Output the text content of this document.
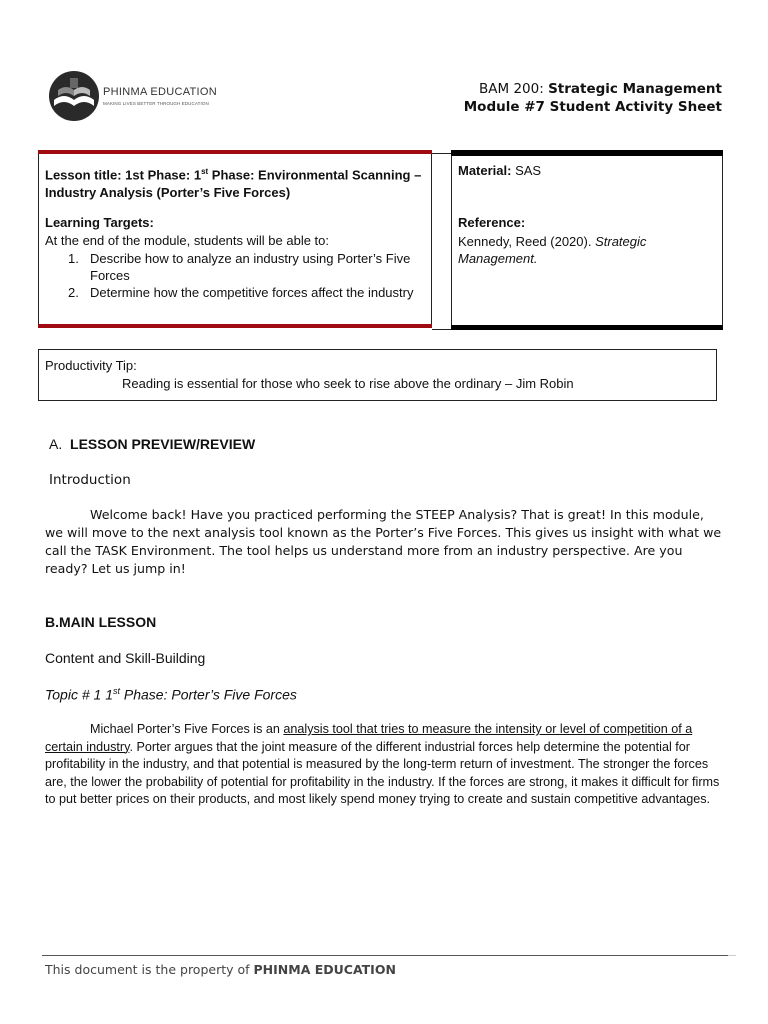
PHINMA EDUCATION
MAKING LIVES BETTER THROUGH EDUCATION
BAM 200: Strategic Management
Module #7 Student Activity Sheet
Lesson title: 1st Phase: 1st Phase: Environmental Scanning – Industry Analysis (Porter’s Five Forces)
Learning Targets:
At the end of the module, students will be able to:
1. Describe how to analyze an industry using Porter’s Five Forces
2. Determine how the competitive forces affect the industry
Material: SAS
Reference:
Kennedy, Reed (2020). Strategic Management.
Productivity Tip:
Reading is essential for those who seek to rise above the ordinary – Jim Robin
A. LESSON PREVIEW/REVIEW
Introduction
Welcome back! Have you practiced performing the STEEP Analysis? That is great! In this module, we will move to the next analysis tool known as the Porter’s Five Forces. This gives us insight with what we call the TASK Environment. The tool helps us understand more from an industry perspective. Are you ready? Let us jump in!
B.MAIN LESSON
Content and Skill-Building
Topic # 1 1st Phase: Porter’s Five Forces
Michael Porter’s Five Forces is an analysis tool that tries to measure the intensity or level of competition of a certain industry. Porter argues that the joint measure of the different industrial forces help determine the potential for profitability in the industry, and that potential is measured by the long-term return of investment. The stronger the forces are, the lower the probability of potential for profitability in the industry. If the forces are strong, it makes it difficult for firms to put better prices on their products, and most likely spend money trying to create and sustain competitive advantages.
This document is the property of PHINMA EDUCATION
